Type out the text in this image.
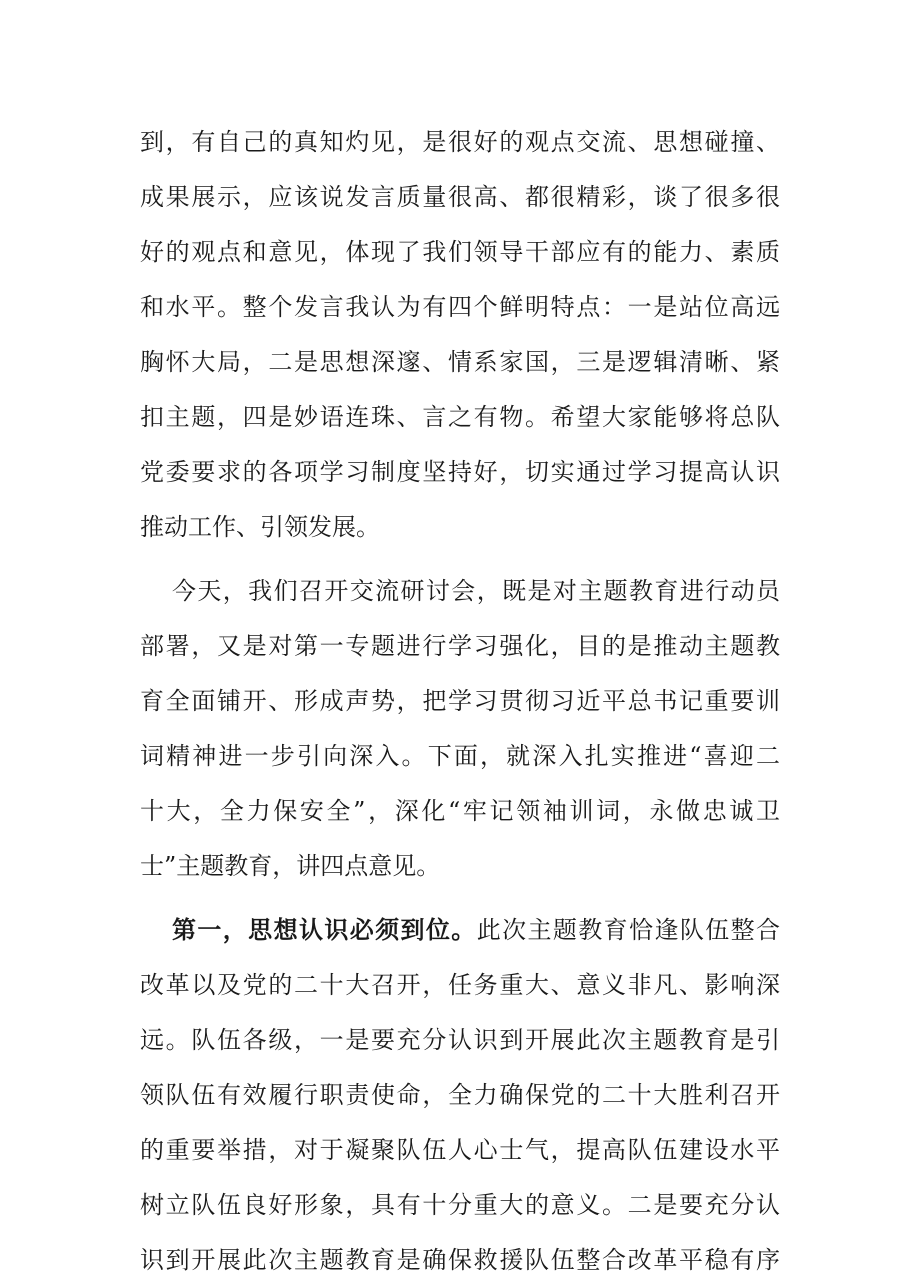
到，有自己的真知灼见，是很好的观点交流、思想碰撞、
成果展示，应该说发言质量很高、都很精彩，谈了很多很
好的观点和意见，体现了我们领导干部应有的能力、素质
和水平。整个发言我认为有四个鲜明特点：一是站位高远
胸怀大局，二是思想深邃、情系家国，三是逻辑清晰、紧
扣主题，四是妙语连珠、言之有物。希望大家能够将总队
党委要求的各项学习制度坚持好，切实通过学习提高认识
推动工作、引领发展。
今天，我们召开交流研讨会，既是对主题教育进行动员
部署，又是对第一专题进行学习强化，目的是推动主题教
育全面铺开、形成声势，把学习贯彻习近平总书记重要训
词精神进一步引向深入。下面，就深入扎实推进“喜迎二
十大，全力保安全”，深化“牢记领袖训词，永做忠诚卫
士”主题教育，讲四点意见。
第一，思想认识必须到位。此次主题教育恰逢队伍整合
改革以及党的二十大召开，任务重大、意义非凡、影响深
远。队伍各级，一是要充分认识到开展此次主题教育是引
领队伍有效履行职责使命，全力确保党的二十大胜利召开
的重要举措，对于凝聚队伍人心士气，提高队伍建设水平
树立队伍良好形象，具有十分重大的意义。二是要充分认
识到开展此次主题教育是确保救援队伍整合改革平稳有序
